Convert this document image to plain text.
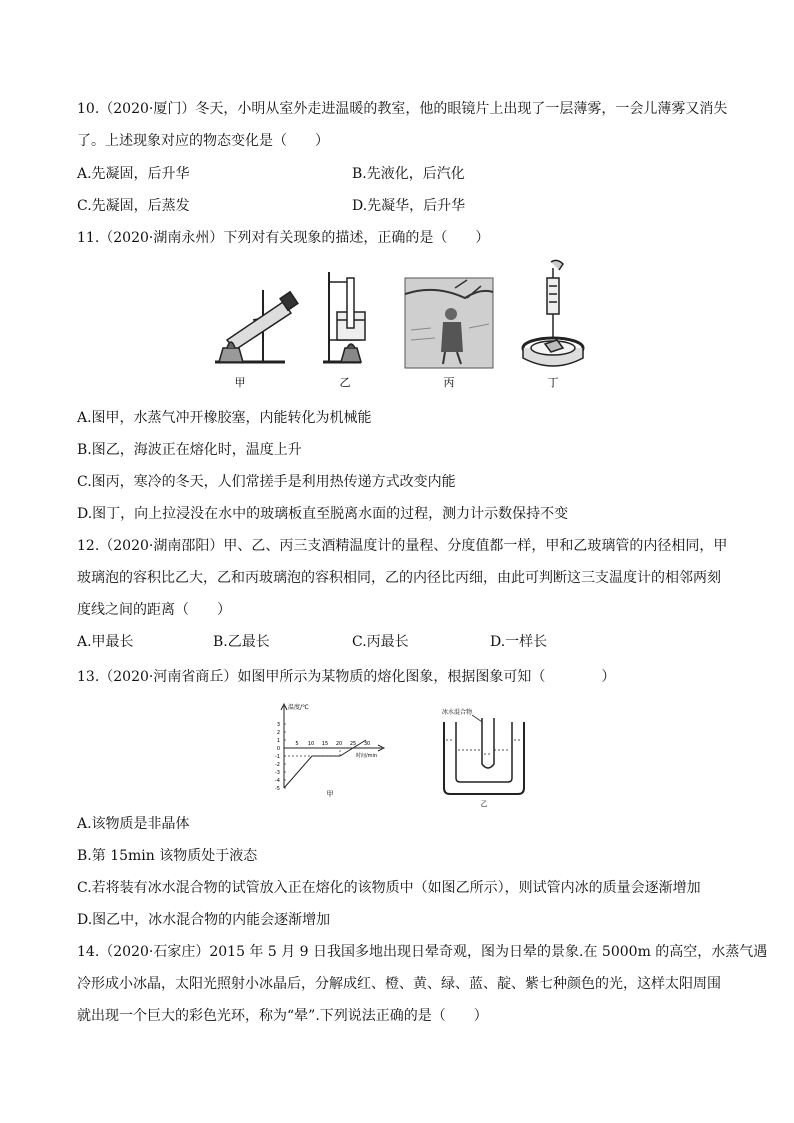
10.（2020·厦门）冬天，小明从室外走进温暖的教室，他的眼镜片上出现了一层薄雾，一会儿薄雾又消失
了。上述现象对应的物态变化是（　　）
A.先凝固，后升华	B.先液化，后汽化
C.先凝固，后蒸发	D.先凝华，后升华
11.（2020·湖南永州）下列对有关现象的描述，正确的是（　　）
甲	乙	丙	丁
A.图甲，水蒸气冲开橡胶塞，内能转化为机械能
B.图乙，海波正在熔化时，温度上升
C.图丙，寒冷的冬天，人们常搓手是利用热传递方式改变内能
D.图丁，向上拉浸没在水中的玻璃板直至脱离水面的过程，测力计示数保持不变
12.（2020·湖南邵阳）甲、乙、丙三支酒精温度计的量程、分度值都一样，甲和乙玻璃管的内径相同，甲
玻璃泡的容积比乙大，乙和丙玻璃泡的容积相同，乙的内径比丙细，由此可判断这三支温度计的相邻两刻
度线之间的距离（　　）
A.甲最长	B.乙最长	C.丙最长	D.一样长
13.（2020·河南省商丘）如图甲所示为某物质的熔化图象，根据图象可知（　　　　）
温度/℃
时间/min
3
2
1
0
-1
-2
-3
-4
-5
5 10 15 20 25 30
甲
冰水混合物
乙
A.该物质是非晶体
B.第 15min 该物质处于液态
C.若将装有冰水混合物的试管放入正在熔化的该物质中（如图乙所示），则试管内冰的质量会逐渐增加
D.图乙中，冰水混合物的内能会逐渐增加
14.（2020·石家庄）2015 年 5 月 9 日我国多地出现日晕奇观，图为日晕的景象.在 5000m 的高空，水蒸气遇
冷形成小冰晶，太阳光照射小冰晶后，分解成红、橙、黄、绿、蓝、靛、紫七种颜色的光，这样太阳周围
就出现一个巨大的彩色光环，称为“晕”.下列说法正确的是（　　）
